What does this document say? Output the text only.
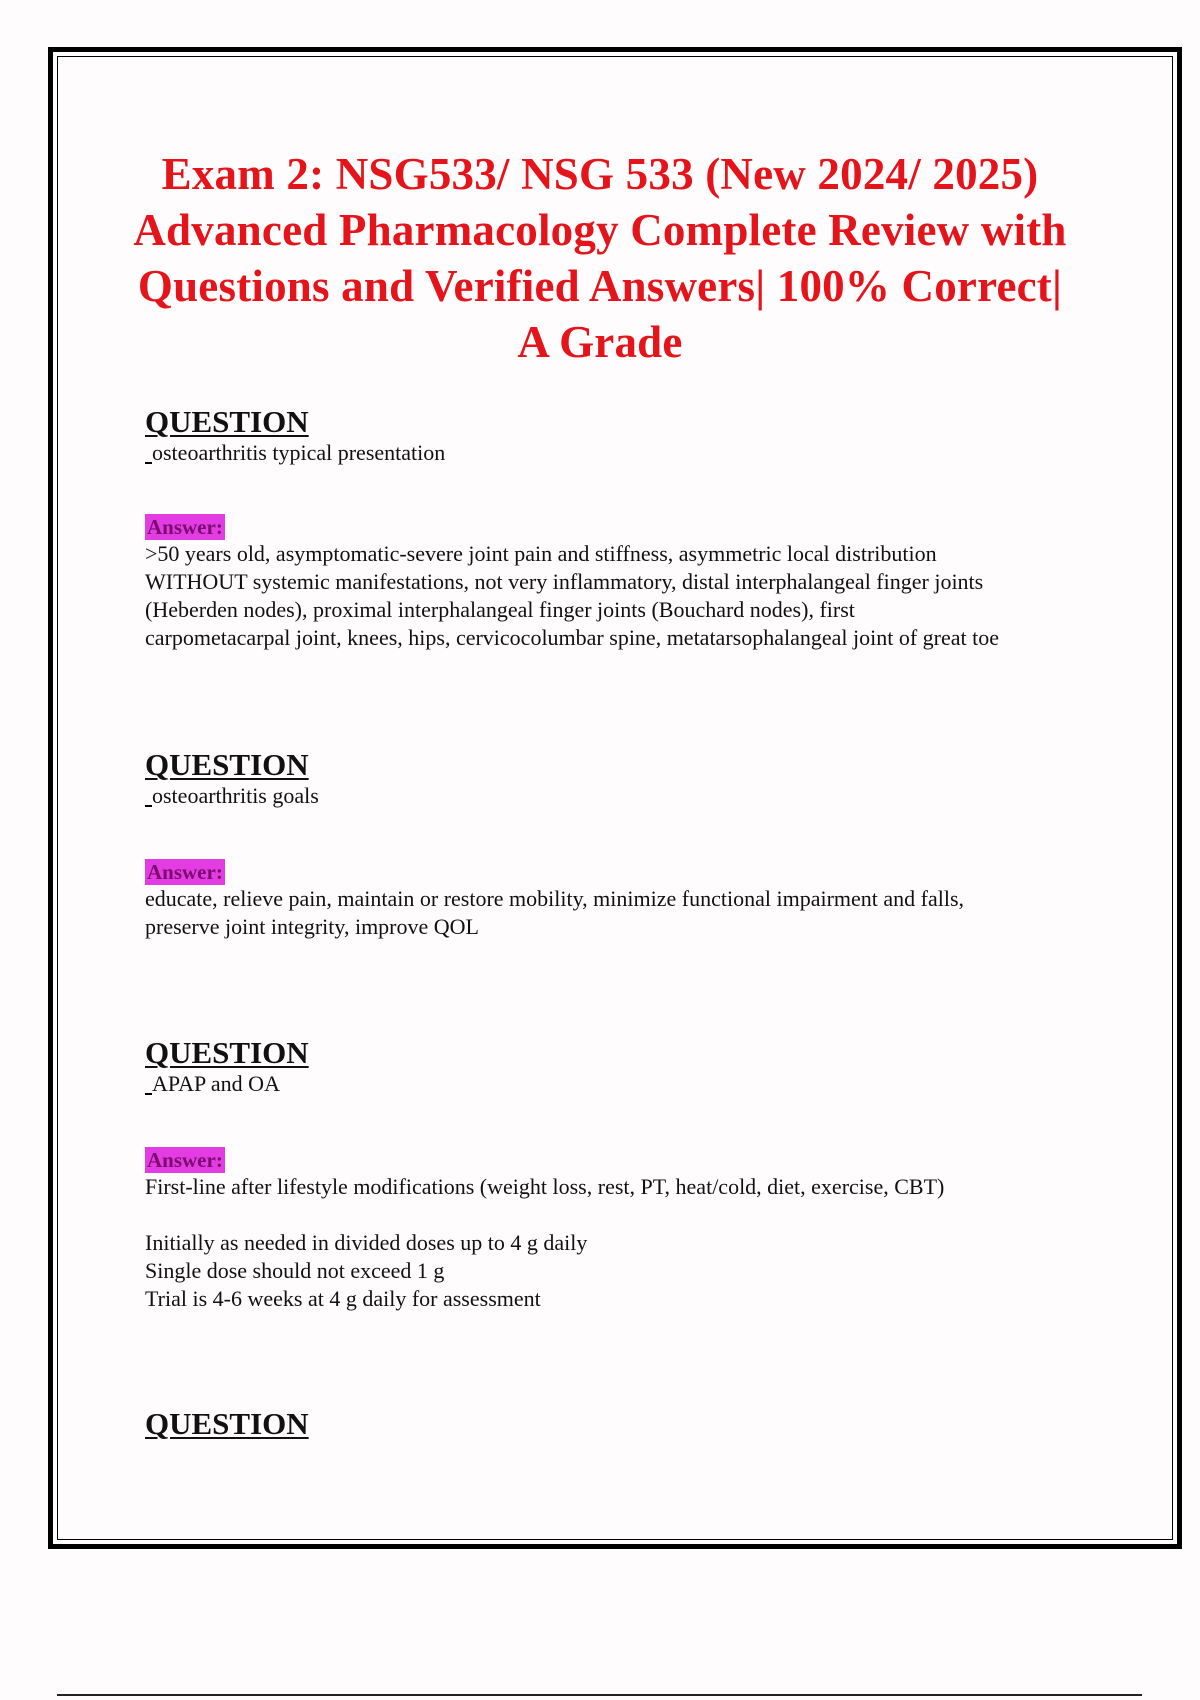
Exam 2: NSG533/ NSG 533 (New 2024/ 2025) Advanced Pharmacology Complete Review with Questions and Verified Answers| 100% Correct| A Grade
QUESTION

osteoarthritis typical presentation

Answer:

>50 years old, asymptomatic-severe joint pain and stiffness, asymmetric local distribution
WITHOUT systemic manifestations, not very inflammatory, distal interphalangeal finger joints
(Heberden nodes), proximal interphalangeal finger joints (Bouchard nodes), first
carpometacarpal joint, knees, hips, cervicocolumbar spine, metatarsophalangeal joint of great toe

QUESTION

osteoarthritis goals

Answer:

educate, relieve pain, maintain or restore mobility, minimize functional impairment and falls,
preserve joint integrity, improve QOL

QUESTION

APAP and OA

Answer:

First-line after lifestyle modifications (weight loss, rest, PT, heat/cold, diet, exercise, CBT)
Initially as needed in divided doses up to 4 g daily
Single dose should not exceed 1 g
Trial is 4-6 weeks at 4 g daily for assessment

QUESTION
